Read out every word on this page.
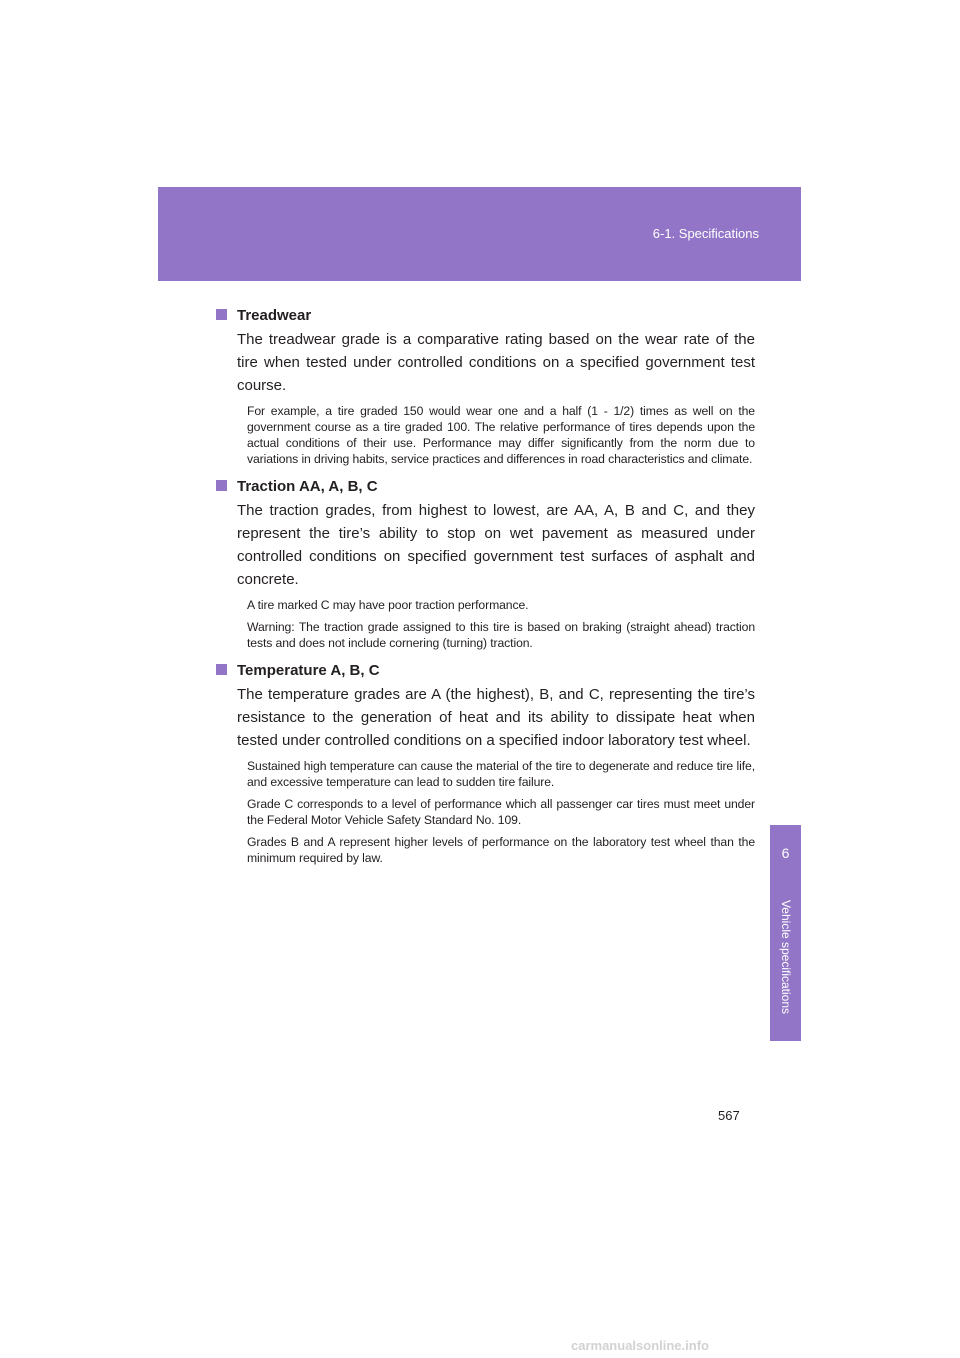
6-1. Specifications
6
Vehicle specifications
Treadwear

The treadwear grade is a comparative rating based on the wear rate of the tire when tested under controlled conditions on a specified government test course.

For example, a tire graded 150 would wear one and a half (1 - 1/2) times as well on the government course as a tire graded 100. The relative performance of tires depends upon the actual conditions of their use. Performance may differ significantly from the norm due to variations in driving habits, service practices and differences in road characteristics and climate.

Traction AA, A, B, C

The traction grades, from highest to lowest, are AA, A, B and C, and they represent the tire’s ability to stop on wet pavement as measured under controlled conditions on specified government test surfaces of asphalt and concrete.

A tire marked C may have poor traction performance.

Warning: The traction grade assigned to this tire is based on braking (straight ahead) traction tests and does not include cornering (turning) traction.

Temperature A, B, C

The temperature grades are A (the highest), B, and C, representing the tire’s resistance to the generation of heat and its ability to dissipate heat when tested under controlled conditions on a specified indoor laboratory test wheel.

Sustained high temperature can cause the material of the tire to degenerate and reduce tire life, and excessive temperature can lead to sudden tire failure.

Grade C corresponds to a level of performance which all passenger car tires must meet under the Federal Motor Vehicle Safety Standard No. 109.

Grades B and A represent higher levels of performance on the laboratory test wheel than the minimum required by law.

567
carmanualsonline.info
